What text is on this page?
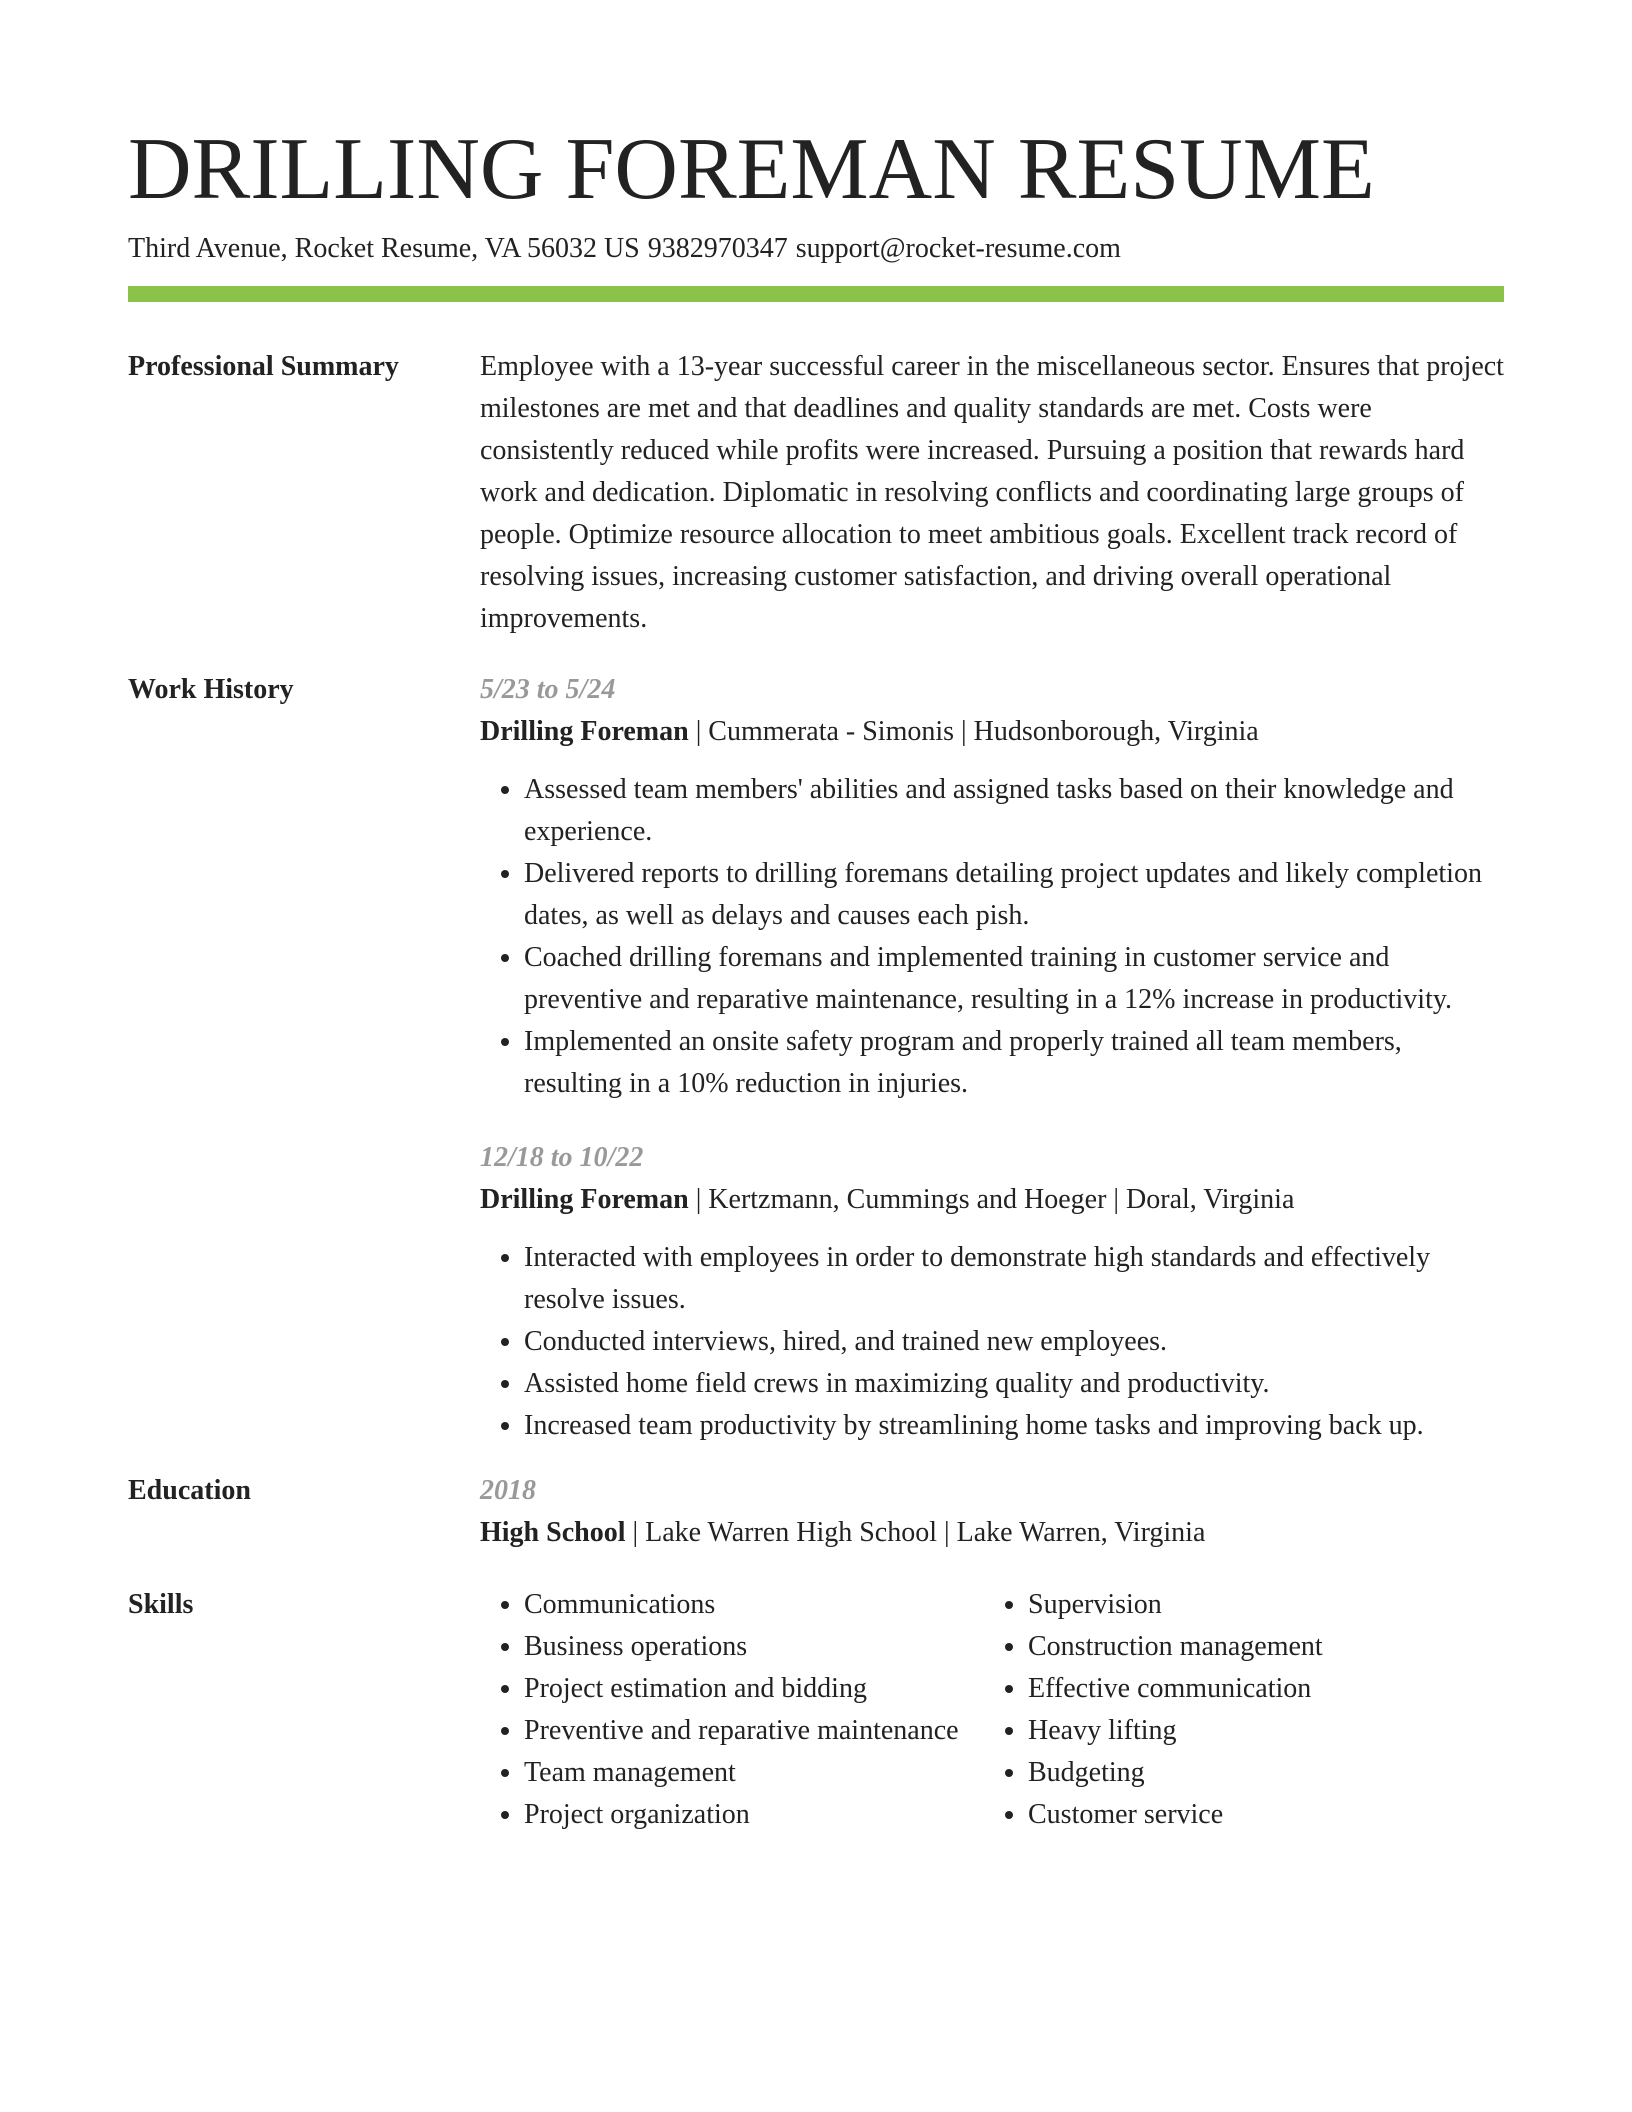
DRILLING FOREMAN RESUME
Third Avenue, Rocket Resume, VA 56032 US 9382970347 support@rocket-resume.com
Professional Summary	Employee with a 13-year successful career in the miscellaneous sector. Ensures that project milestones are met and that deadlines and quality standards are met. Costs were consistently reduced while profits were increased. Pursuing a position that rewards hard work and dedication. Diplomatic in resolving conflicts and coordinating large groups of people. Optimize resource allocation to meet ambitious goals. Excellent track record of resolving issues, increasing customer satisfaction, and driving overall operational improvements.

Work History	5/23 to 5/24
Drilling Foreman | Cummerata - Simonis | Hudsonborough, Virginia
• Assessed team members' abilities and assigned tasks based on their knowledge and experience.
• Delivered reports to drilling foremans detailing project updates and likely completion dates, as well as delays and causes each pish.
• Coached drilling foremans and implemented training in customer service and preventive and reparative maintenance, resulting in a 12% increase in productivity.
• Implemented an onsite safety program and properly trained all team members, resulting in a 10% reduction in injuries.
12/18 to 10/22
Drilling Foreman | Kertzmann, Cummings and Hoeger | Doral, Virginia
• Interacted with employees in order to demonstrate high standards and effectively resolve issues.
• Conducted interviews, hired, and trained new employees.
• Assisted home field crews in maximizing quality and productivity.
• Increased team productivity by streamlining home tasks and improving back up.
Education	2018
High School | Lake Warren High School | Lake Warren, Virginia
Skills
•	Communications
• Business operations
• Project estimation and bidding
• Preventive and reparative maintenance
• Team management
• Project organization
• Supervision
• Construction management
• Effective communication
• Heavy lifting
• Budgeting
• Customer service
